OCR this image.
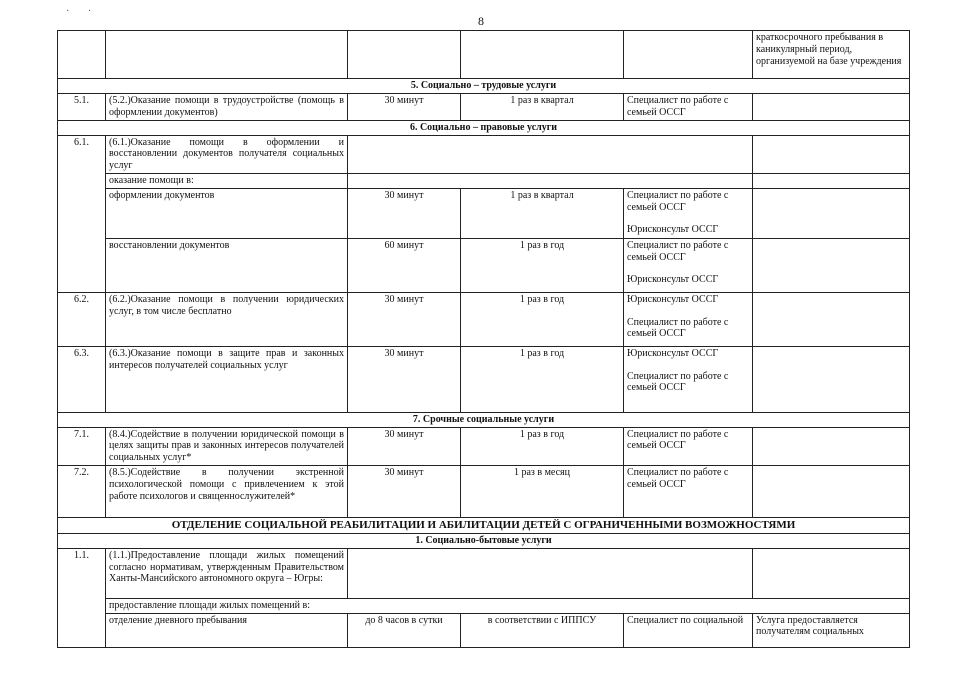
· ·
8
					краткосрочного пребывания в каникулярный период, организуемой на базе учреждения
5. Социально – трудовые услуги					
5.1.	(5.2.)Оказание помощи в трудоустройстве (помощь в оформлении документов)	30 минут	1 раз в квартал	Специалист по работе с семьей ОССГ	
6. Социально – правовые услуги					
6.1.	(6.1.)Оказание помощи в оформлении и восстановлении документов получателя социальных услуг				
	оказание помощи в:				
	оформлении документов	30 минут	1 раз в квартал	Специалист по работе с семьей ОССГ
Юрисконсульт ОССГ	
	восстановлении документов	60 минут	1 раз в год	Специалист по работе с семьей ОССГ
Юрисконсульт ОССГ	
6.2.	(6.2.)Оказание помощи в получении юридических услуг, в том числе бесплатно	30 минут	1 раз в год	Юрисконсульт ОССГ
Специалист по работе с семьей ОССГ	
6.3.	(6.3.)Оказание помощи в защите прав и законных интересов получателей социальных услуг	30 минут	1 раз в год	Юрисконсульт ОССГ
Специалист по работе с семьей ОССГ	
7. Срочные социальные услуги					
7.1.	(8.4.)Содействие в получении юридической помощи в целях защиты прав и законных интересов получателей социальных услуг*	30 минут	1 раз в год	Специалист по работе с семьей ОССГ	
7.2.	(8.5.)Содействие в получении экстренной психологической помощи с привлечением к этой работе психологов и священнослужителей*	30 минут	1 раз в месяц	Специалист по работе с семьей ОССГ	
ОТДЕЛЕНИЕ СОЦИАЛЬНОЙ РЕАБИЛИТАЦИИ И АБИЛИТАЦИИ ДЕТЕЙ С ОГРАНИЧЕННЫМИ ВОЗМОЖНОСТЯМИ					
1. Социально-бытовые услуги					
1.1.	(1.1.)Предоставление площади жилых помещений согласно нормативам, утвержденным Правительством Ханты-Мансийского автономного округа – Югры:				
	предоставление площади жилых помещений в:				
	отделение дневного пребывания	до 8 часов в сутки	в соответствии с ИППСУ	Специалист по социальной	Услуга предоставляется получателям социальных
